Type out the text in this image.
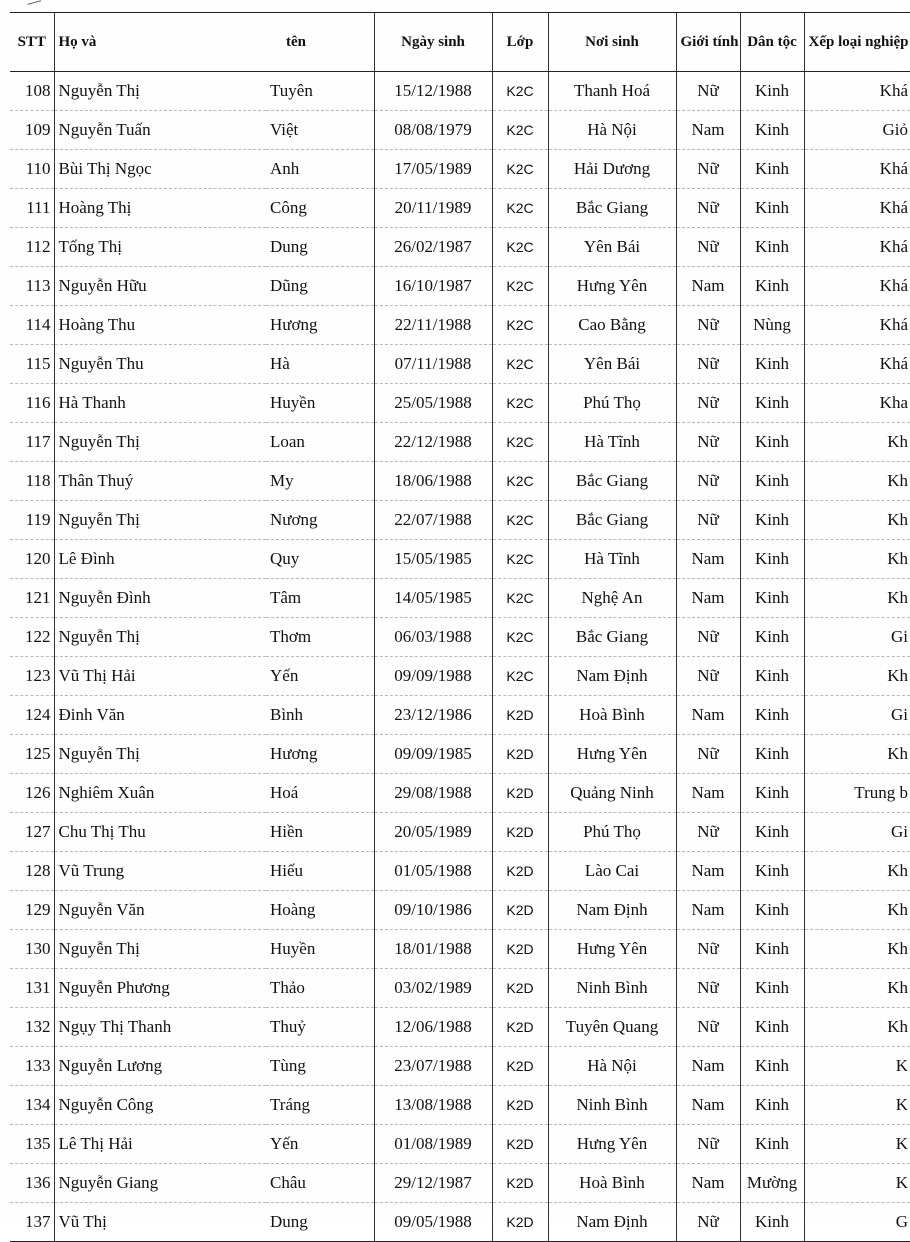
STT	Họ và	tên	Ngày sinh	Lớp	Nơi sinh	Giới tính	Dân tộc	Xếp loại nghiệp
108	Nguyễn Thị	Tuyên	15/12/1988	K2C	Thanh Hoá	Nữ	Kinh	Khá
109	Nguyễn Tuấn	Việt	08/08/1979	K2C	Hà Nội	Nam	Kinh	Giỏ
110	Bùi Thị Ngọc	Anh	17/05/1989	K2C	Hải Dương	Nữ	Kinh	Khá
111	Hoàng Thị	Công	20/11/1989	K2C	Bắc Giang	Nữ	Kinh	Khá
112	Tống Thị	Dung	26/02/1987	K2C	Yên Bái	Nữ	Kinh	Khá
113	Nguyễn Hữu	Dũng	16/10/1987	K2C	Hưng Yên	Nam	Kinh	Khá
114	Hoàng Thu	Hương	22/11/1988	K2C	Cao Bằng	Nữ	Nùng	Khá
115	Nguyễn Thu	Hà	07/11/1988	K2C	Yên Bái	Nữ	Kinh	Khá
116	Hà Thanh	Huyền	25/05/1988	K2C	Phú Thọ	Nữ	Kinh	Kha
117	Nguyễn Thị	Loan	22/12/1988	K2C	Hà Tĩnh	Nữ	Kinh	Kh
118	Thân Thuý	My	18/06/1988	K2C	Bắc Giang	Nữ	Kinh	Kh
119	Nguyễn Thị	Nương	22/07/1988	K2C	Bắc Giang	Nữ	Kinh	Kh
120	Lê Đình	Quy	15/05/1985	K2C	Hà Tĩnh	Nam	Kinh	Kh
121	Nguyễn Đình	Tâm	14/05/1985	K2C	Nghệ An	Nam	Kinh	Kh
122	Nguyễn Thị	Thơm	06/03/1988	K2C	Bắc Giang	Nữ	Kinh	Gi
123	Vũ Thị Hải	Yến	09/09/1988	K2C	Nam Định	Nữ	Kinh	Kh
124	Đinh Văn	Bình	23/12/1986	K2D	Hoà Bình	Nam	Kinh	Gi
125	Nguyễn Thị	Hương	09/09/1985	K2D	Hưng Yên	Nữ	Kinh	Kh
126	Nghiêm Xuân	Hoá	29/08/1988	K2D	Quảng Ninh	Nam	Kinh	Trung b
127	Chu Thị Thu	Hiền	20/05/1989	K2D	Phú Thọ	Nữ	Kinh	Gi
128	Vũ Trung	Hiếu	01/05/1988	K2D	Lào Cai	Nam	Kinh	Kh
129	Nguyễn Văn	Hoàng	09/10/1986	K2D	Nam Định	Nam	Kinh	Kh
130	Nguyễn Thị	Huyền	18/01/1988	K2D	Hưng Yên	Nữ	Kinh	Kh
131	Nguyễn Phương	Thảo	03/02/1989	K2D	Ninh Bình	Nữ	Kinh	Kh
132	Ngụy Thị Thanh	Thuỷ	12/06/1988	K2D	Tuyên Quang	Nữ	Kinh	Kh
133	Nguyễn Lương	Tùng	23/07/1988	K2D	Hà Nội	Nam	Kinh	K
134	Nguyễn Công	Tráng	13/08/1988	K2D	Ninh Bình	Nam	Kinh	K
135	Lê Thị Hải	Yến	01/08/1989	K2D	Hưng Yên	Nữ	Kinh	K
136	Nguyễn Giang	Châu	29/12/1987	K2D	Hoà Bình	Nam	Mường	K
137	Vũ Thị	Dung	09/05/1988	K2D	Nam Định	Nữ	Kinh	G
